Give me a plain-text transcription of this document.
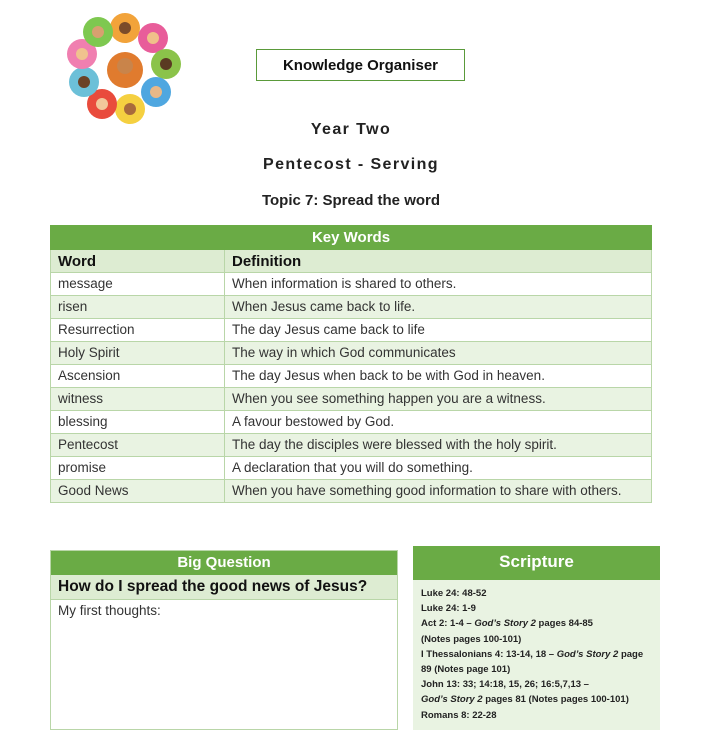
Knowledge Organiser
Year Two
Pentecost - Serving
Topic 7: Spread the word
Key Words	
Word	Definition
message	When information is shared to others.
risen	When Jesus came back to life.
Resurrection	The day Jesus came back to life
Holy Spirit	The way in which God communicates
Ascension	The day Jesus when back to be with God in heaven.
witness	When you see something happen you are a witness.
blessing	A favour bestowed by God.
Pentecost	The day the disciples were blessed with the holy spirit.
promise	A declaration that you will do something.
Good News	When you have something good information to share with others.
Big Question
How do I spread the good news of Jesus?
My first thoughts:
Scripture
Luke 24: 48-52
Luke 24: 1-9
Act 2: 1-4 – God’s Story 2 pages 84-85
(Notes pages 100-101)
I Thessalonians 4: 13-14, 18 – God’s Story 2 page
89 (Notes page 101)
John 13: 33; 14:18, 15, 26; 16:5,7,13 –
God’s Story 2 pages 81 (Notes pages 100-101)
Romans 8: 22-28
